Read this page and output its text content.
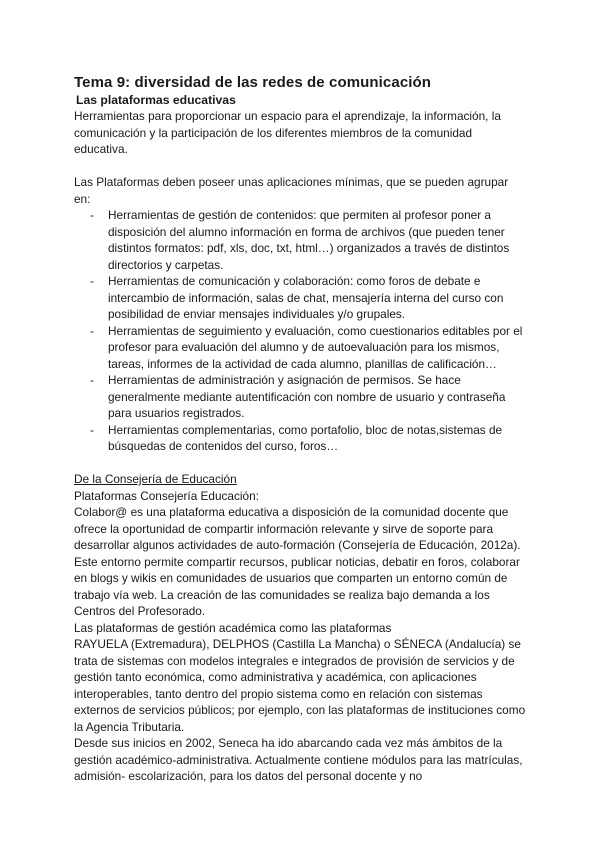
Tema 9: diversidad de las redes de comunicación
Las plataformas educativas

Herramientas para proporcionar un espacio para el aprendizaje, la información, la comunicación y la participación de los diferentes miembros de la comunidad educativa.

Las Plataformas deben poseer unas aplicaciones mínimas, que se pueden agrupar en:

- Herramientas de gestión de contenidos: que permiten al profesor poner a disposición del alumno información en forma de archivos (que pueden tener distintos formatos: pdf, xls, doc, txt, html…) organizados a través de distintos directorios y carpetas.
- Herramientas de comunicación y colaboración: como foros de debate e intercambio de información, salas de chat, mensajería interna del curso con posibilidad de enviar mensajes individuales y/o grupales.
- Herramientas de seguimiento y evaluación, como cuestionarios editables por el profesor para evaluación del alumno y de autoevaluación para los mismos, tareas, informes de la actividad de cada alumno, planillas de calificación…
- Herramientas de administración y asignación de permisos. Se hace generalmente mediante autentificación con nombre de usuario y contraseña para usuarios registrados.
- Herramientas complementarias, como portafolio, bloc de notas,sistemas de búsquedas de contenidos del curso, foros…
De la Consejería de Educación
Plataformas Consejería Educación:

Colabor@ es una plataforma educativa a disposición de la comunidad docente que ofrece la oportunidad de compartir información relevante y sirve de soporte para desarrollar algunos actividades de auto-formación (Consejería de Educación, 2012a). Este entorno permite compartir recursos, publicar noticias, debatir en foros, colaborar en blogs y wikis en comunidades de usuarios que comparten un entorno común de trabajo vía web. La creación de las comunidades se realiza bajo demanda a los Centros del Profesorado.

Las plataformas de gestión académica como las plataformas

RAYUELA (Extremadura), DELPHOS (Castilla La Mancha) o SÉNECA (Andalucía) se trata de sistemas con modelos integrales e integrados de provisión de servicios y de gestión tanto económica, como administrativa y académica, con aplicaciones interoperables, tanto dentro del propio sistema como en relación con sistemas externos de servicios públicos; por ejemplo, con las plataformas de instituciones como la Agencia Tributaria.

Desde sus inicios en 2002, Seneca ha ido abarcando cada vez más ámbitos de la gestión académico-administrativa. Actualmente contiene módulos para las matrículas, admisión- escolarización, para los datos del personal docente y no
